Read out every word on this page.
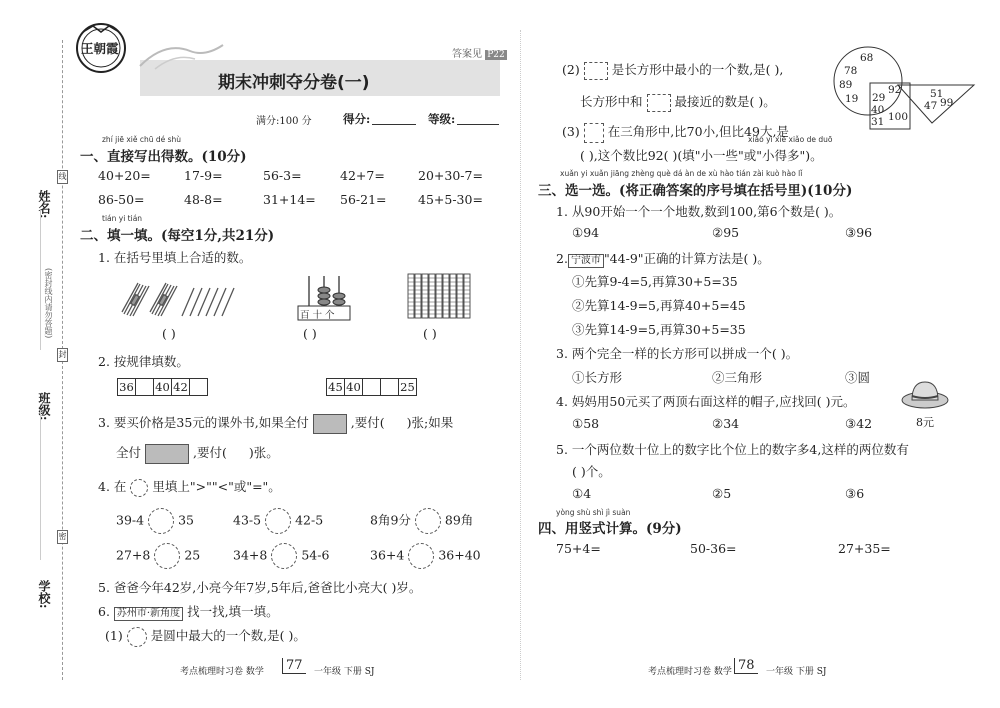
姓名:
班级:
学校:
(密封线内请勿答题)
线
封
密
王朝霞
期末冲刺夺分卷(一)
答案见 P22
满分:100 分	得分:	等级:
zhí jiē xiě chū dé shù
一、直接写出得数。(10分)
40+20=	17-9=	56-3=	42+7=	20+30-7=
86-50=	48-8=	31+14= 56-21=	45+5-30=
tián yi tián
二、填一填。(每空1分,共21分)
1. 在括号里填上合适的数。
百 十 个
( )	( )	( )
2. 按规律填数。
36		40	42		45	40			25
3. 要买价格是35元的课外书,如果全付	,要付( )张;如果
全付	,要付( )张。
4. 在 里填上">""<"或"="。
39-4	35	43-5	42-5	8角9分	89角
27+8	25	34+8	54-6	36+4	36+40
5. 爸爸今年42岁,小亮今年7岁,5年后,爸爸比小亮大( )岁。
6. 苏州市·新角度 找一找,填一填。
(1) 是圆中最大的一个数,是( )。
考点梳理时习卷 数学	77	一年级 下册 SJ
(2)	是长方形中最小的一个数,是( ),
长方形中和	最接近的数是( )。
(3) 在三角形中,比70小,但比49大,是
xiǎo yì xiē xiǎo de duō
( ),这个数比92( )(填"小一些"或"小得多")。
68
78
89
19 29
92
40
31 100
51
47 99
xuǎn yi xuǎn jiāng zhèng què dá àn de xù hào tián zài kuò hào lǐ
三、选一选。(将正确答案的序号填在括号里)(10分)
1. 从90开始一个一个地数,数到100,第6个数是( )。
①94	②95	③96
2. 宁波市 "44-9"正确的计算方法是( )。
①先算9-4=5,再算30+5=35
②先算14-9=5,再算40+5=45
③先算14-9=5,再算30+5=35
3. 两个完全一样的长方形可以拼成一个( )。
①长方形	②三角形	③圆
4. 妈妈用50元买了两顶右面这样的帽子,应找回( )元。
8元
①58	②34	③42
5. 一个两位数十位上的数字比个位上的数字多4,这样的两位数有
( )个。
①4	②5	③6
yòng shù shì jì suàn
四、用竖式计算。(9分)
75+4=	50-36=	27+35=
考点梳理时习卷 数学 78	一年级 下册 SJ
